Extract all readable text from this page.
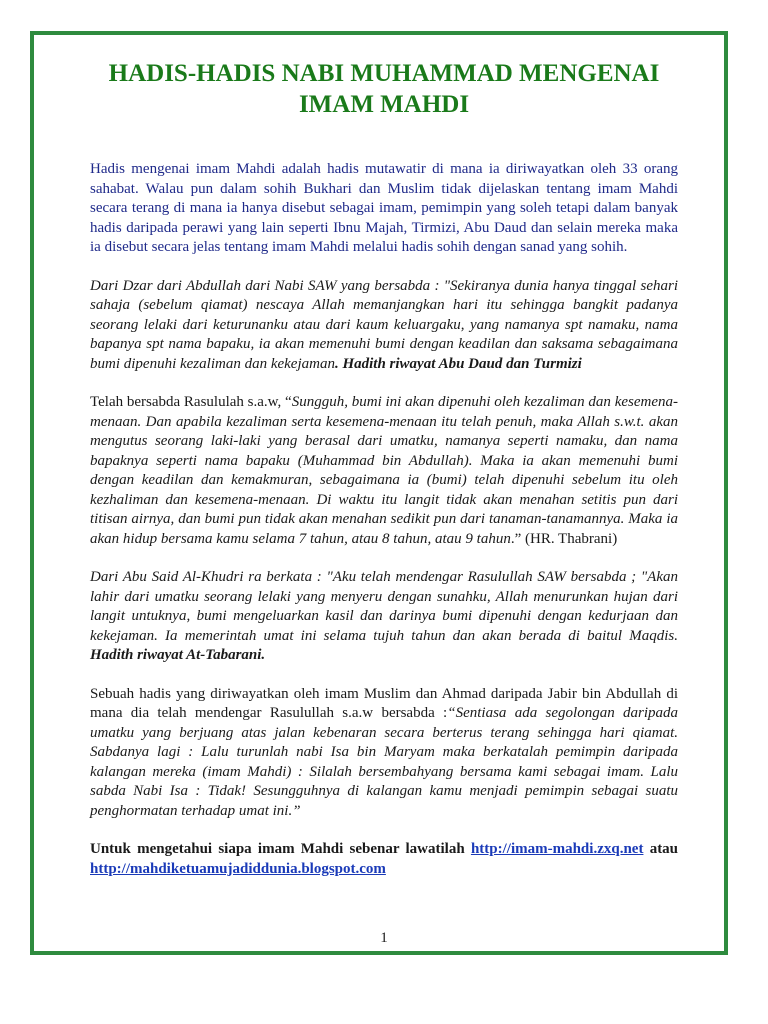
HADIS-HADIS NABI MUHAMMAD MENGENAI
IMAM MAHDI

Hadis mengenai imam Mahdi adalah hadis mutawatir di mana ia diriwayatkan oleh 33 orang sahabat. Walau pun dalam sohih Bukhari dan Muslim tidak dijelaskan tentang imam Mahdi secara terang di mana ia hanya disebut sebagai imam, pemimpin yang soleh tetapi dalam banyak hadis daripada perawi yang lain seperti Ibnu Majah, Tirmizi, Abu Daud dan selain mereka maka ia disebut secara jelas tentang imam Mahdi melalui hadis sohih dengan sanad yang sohih.

Dari Dzar dari Abdullah dari Nabi SAW yang bersabda : "Sekiranya dunia hanya tinggal sehari sahaja (sebelum qiamat) nescaya Allah memanjangkan hari itu sehingga bangkit padanya seorang lelaki dari keturunanku atau dari kaum keluargaku, yang namanya spt namaku, nama bapanya spt nama bapaku, ia akan memenuhi bumi dengan keadilan dan saksama sebagaimana bumi dipenuhi kezaliman dan kekejaman. Hadith riwayat Abu Daud dan Turmizi

Telah bersabda Rasululah s.a.w, “Sungguh, bumi ini akan dipenuhi oleh kezaliman dan kesemena-menaan. Dan apabila kezaliman serta kesemena-menaan itu telah penuh, maka Allah s.w.t. akan mengutus seorang laki-laki yang berasal dari umatku, namanya seperti namaku, dan nama bapaknya seperti nama bapaku (Muhammad bin Abdullah). Maka ia akan memenuhi bumi dengan keadilan dan kemakmuran, sebagaimana ia (bumi) telah dipenuhi sebelum itu oleh kezhaliman dan kesemena-menaan. Di waktu itu langit tidak akan menahan setitis pun dari titisan airnya, dan bumi pun tidak akan menahan sedikit pun dari tanaman-tanamannya. Maka ia akan hidup bersama kamu selama 7 tahun, atau 8 tahun, atau 9 tahun.” (HR. Thabrani)

Dari Abu Said Al-Khudri ra berkata : "Aku telah mendengar Rasulullah SAW bersabda ; "Akan lahir dari umatku seorang lelaki yang menyeru dengan sunahku, Allah menurunkan hujan dari langit untuknya, bumi mengeluarkan kasil dan darinya bumi dipenuhi dengan kedurjaan dan kekejaman. Ia memerintah umat ini selama tujuh tahun dan akan berada di baitul Maqdis. Hadith riwayat At-Tabarani.

Sebuah hadis yang diriwayatkan oleh imam Muslim dan Ahmad daripada Jabir bin Abdullah di mana dia telah mendengar Rasulullah s.a.w bersabda :“Sentiasa ada segolongan daripada umatku yang berjuang atas jalan kebenaran secara berterus terang sehingga hari qiamat. Sabdanya lagi : Lalu turunlah nabi Isa bin Maryam maka berkatalah pemimpin daripada kalangan mereka (imam Mahdi) : Silalah bersembahyang bersama kami sebagai imam. Lalu sabda Nabi Isa : Tidak! Sesungguhnya di kalangan kamu menjadi pemimpin sebagai suatu penghormatan terhadap umat ini.”

Untuk mengetahui siapa imam Mahdi sebenar lawatilah http://imam-mahdi.zxq.net atau http://mahdiketuamujadiddunia.blogspot.com

1
